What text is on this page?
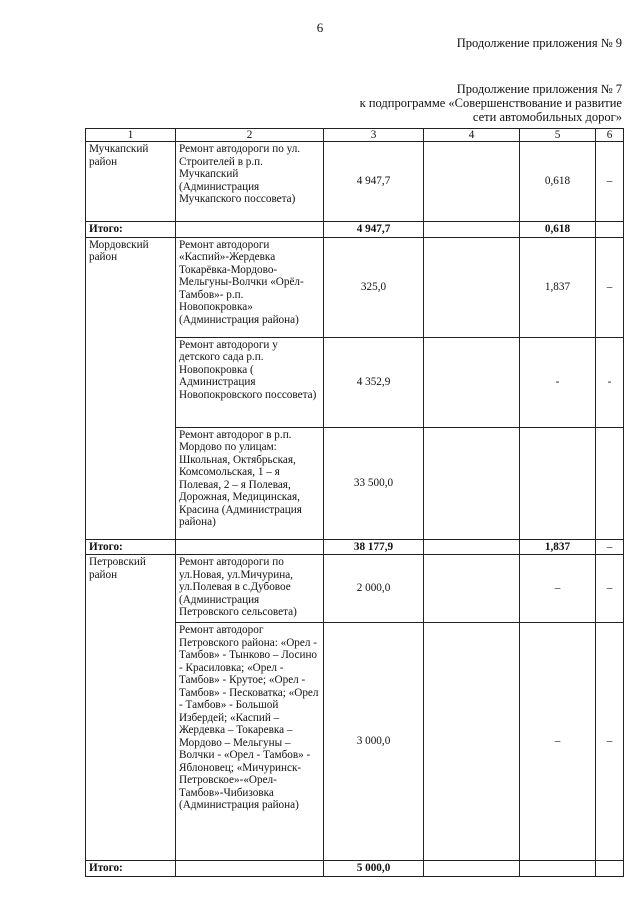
6
Продолжение приложения № 9
Продолжение приложения № 7
к подпрограмме «Совершенствование и развитие
сети автомобильных дорог»
1	2	3	4	5	6
Мучкапский район	Ремонт автодороги по ул. Строителей в р.п. Мучкапский (Администрация Мучкапского поссовета)	4 947,7		0,618	–
Итого:		4 947,7		0,618	
Мордовский район	Ремонт автодороги «Каспий»-Жердевка Токарёвка-Мордово-Мельгуны-Волчки «Орёл-Тамбов»- р.п. Новопокровка» (Администрация района)	325,0		1,837	–
	Ремонт автодороги у детского сада р.п. Новопокровка ( Администрация Новопокровского поссовета)	4 352,9		-	-
	Ремонт автодорог в р.п. Мордово по улицам: Школьная, Октябрьская, Комсомольская, 1 – я Полевая, 2 – я Полевая, Дорожная, Медицинская, Красина (Администрация района)	33 500,0			
Итого:		38 177,9		1,837	–
Петровский район	Ремонт автодороги по ул.Новая, ул.Мичурина, ул.Полевая в с.Дубовое (Администрация Петровского сельсовета)	2 000,0		–	–
	Ремонт автодорог Петровского района: «Орел - Тамбов» - Тынково – Лосино - Красиловка; «Орел - Тамбов» - Крутое; «Орел - Тамбов» - Песковатка; «Орел - Тамбов» - Большой Избердей; «Каспий – Жердевка – Токаревка – Мордово – Мельгуны – Волчки - «Орел - Тамбов» - Яблоновец; «Мичуринск-Петровское»-«Орел-Тамбов»-Чибизовка (Администрация района)	3 000,0		–	–
Итого:		5 000,0			
